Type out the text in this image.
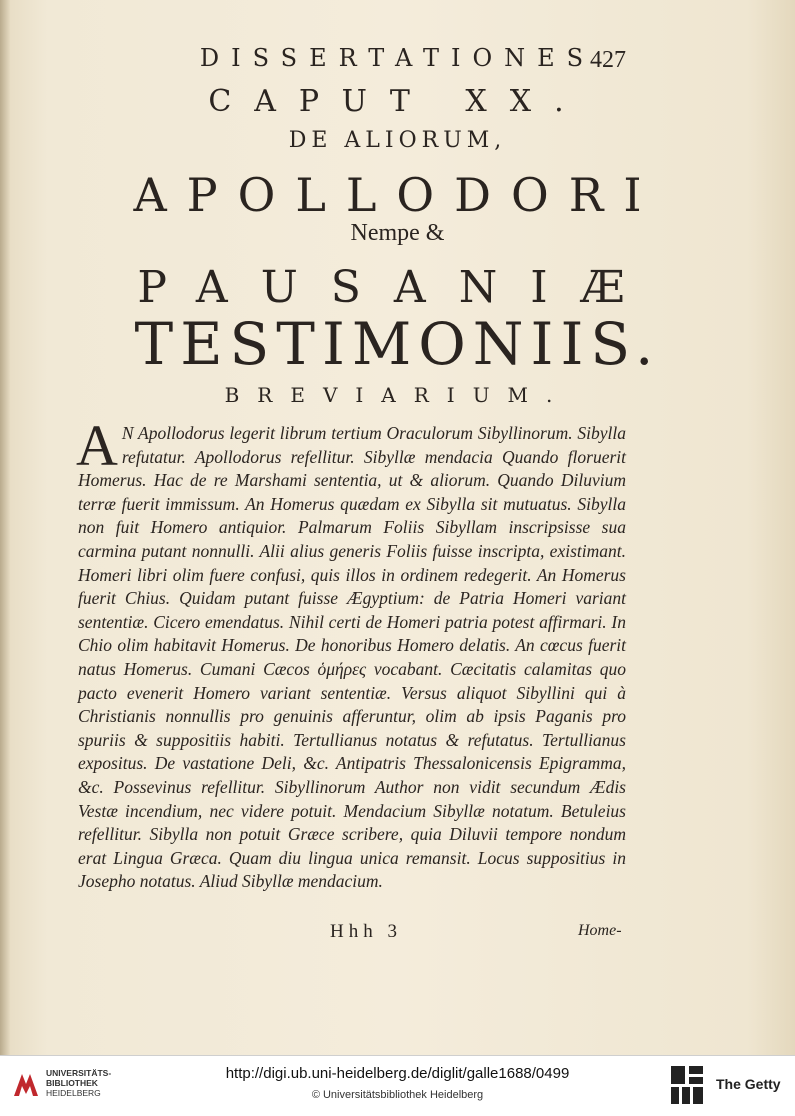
DISSERTATIONES
427
CAPUT XX.
DE ALIORUM,
APOLLODORI
Nempe &
PAUSANIÆ
TESTIMONIIS.
BREVIARIUM.
A N Apollodorus legerit librum tertium Oraculorum Sibyllinorum. Sibylla refutatur. Apollodorus refellitur. Sibyllæ mendacia Quando floruerit Homerus. Hac de re Marshami sententia, ut & aliorum. Quando Diluvium terræ fuerit immissum. An Homerus quædam ex Sibylla sit mutuatus. Sibylla non fuit Homero antiquior. Palmarum Foliis Sibyllam inscripsisse sua carmina putant nonnulli. Alii alius generis Foliis fuisse inscripta, existimant. Homeri libri olim fuere confusi, quis illos in ordinem redegerit. An Homerus fuerit Chius. Quidam putant fuisse Ægyptium: de Patria Homeri variant sententiæ. Cicero emendatus. Nihil certi de Homeri patria potest affirmari. In Chio olim habitavit Homerus. De honoribus Homero delatis. An cœcus fuerit natus Homerus. Cumani Cæcos ὁμήρες vocabant. Cæcitatis calamitas quo pacto evenerit Homero variant sententiæ. Versus aliquot Sibyllini qui à Christianis nonnullis pro genuinis afferuntur, olim ab ipsis Paganis pro spuriis & suppositiis habiti. Tertullianus notatus & refutatus. Tertullianus expositus. De vastatione Deli, &c. Antipatris Thessalonicensis Epigramma, &c. Possevinus refellitur. Sibyllinorum Author non vidit secundum Ædis Vestæ incendium, nec videre potuit. Mendacium Sibyllæ notatum. Betuleius refellitur. Sibylla non potuit Græce scribere, quia Diluvii tempore nondum erat Lingua Græca. Quam diu lingua unica remansit. Locus suppositius in Josepho notatus. Aliud Sibyllæ mendacium.
Hhh 3	Home-
UNIVERSITÄTS-
BIBLIOTHEK
HEIDELBERG
http://digi.ub.uni-heidelberg.de/diglit/galle1688/0499
© Universitätsbibliothek Heidelberg
The Getty
